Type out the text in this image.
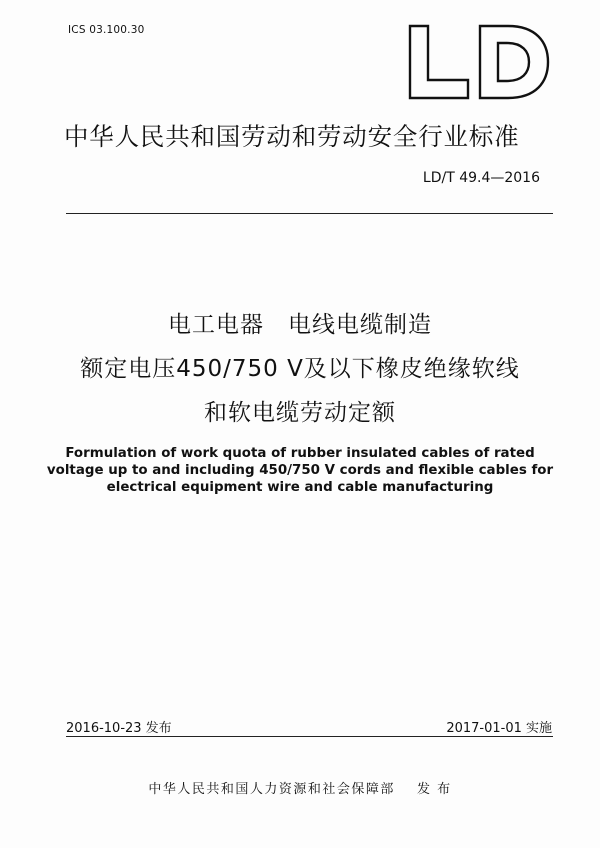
ICS 03.100.30
中华人民共和国劳动和劳动安全行业标准
LD/T 49.4—2016
电工电器　电线电缆制造
额定电压450/750 V及以下橡皮绝缘软线
和软电缆劳动定额
Formulation of work quota of rubber insulated cables of rated
voltage up to and including 450/750 V cords and flexible cables for
electrical equipment wire and cable manufacturing
2016-10-23 发布	2017-01-01 实施
中华人民共和国人力资源和社会保障部 发 布
